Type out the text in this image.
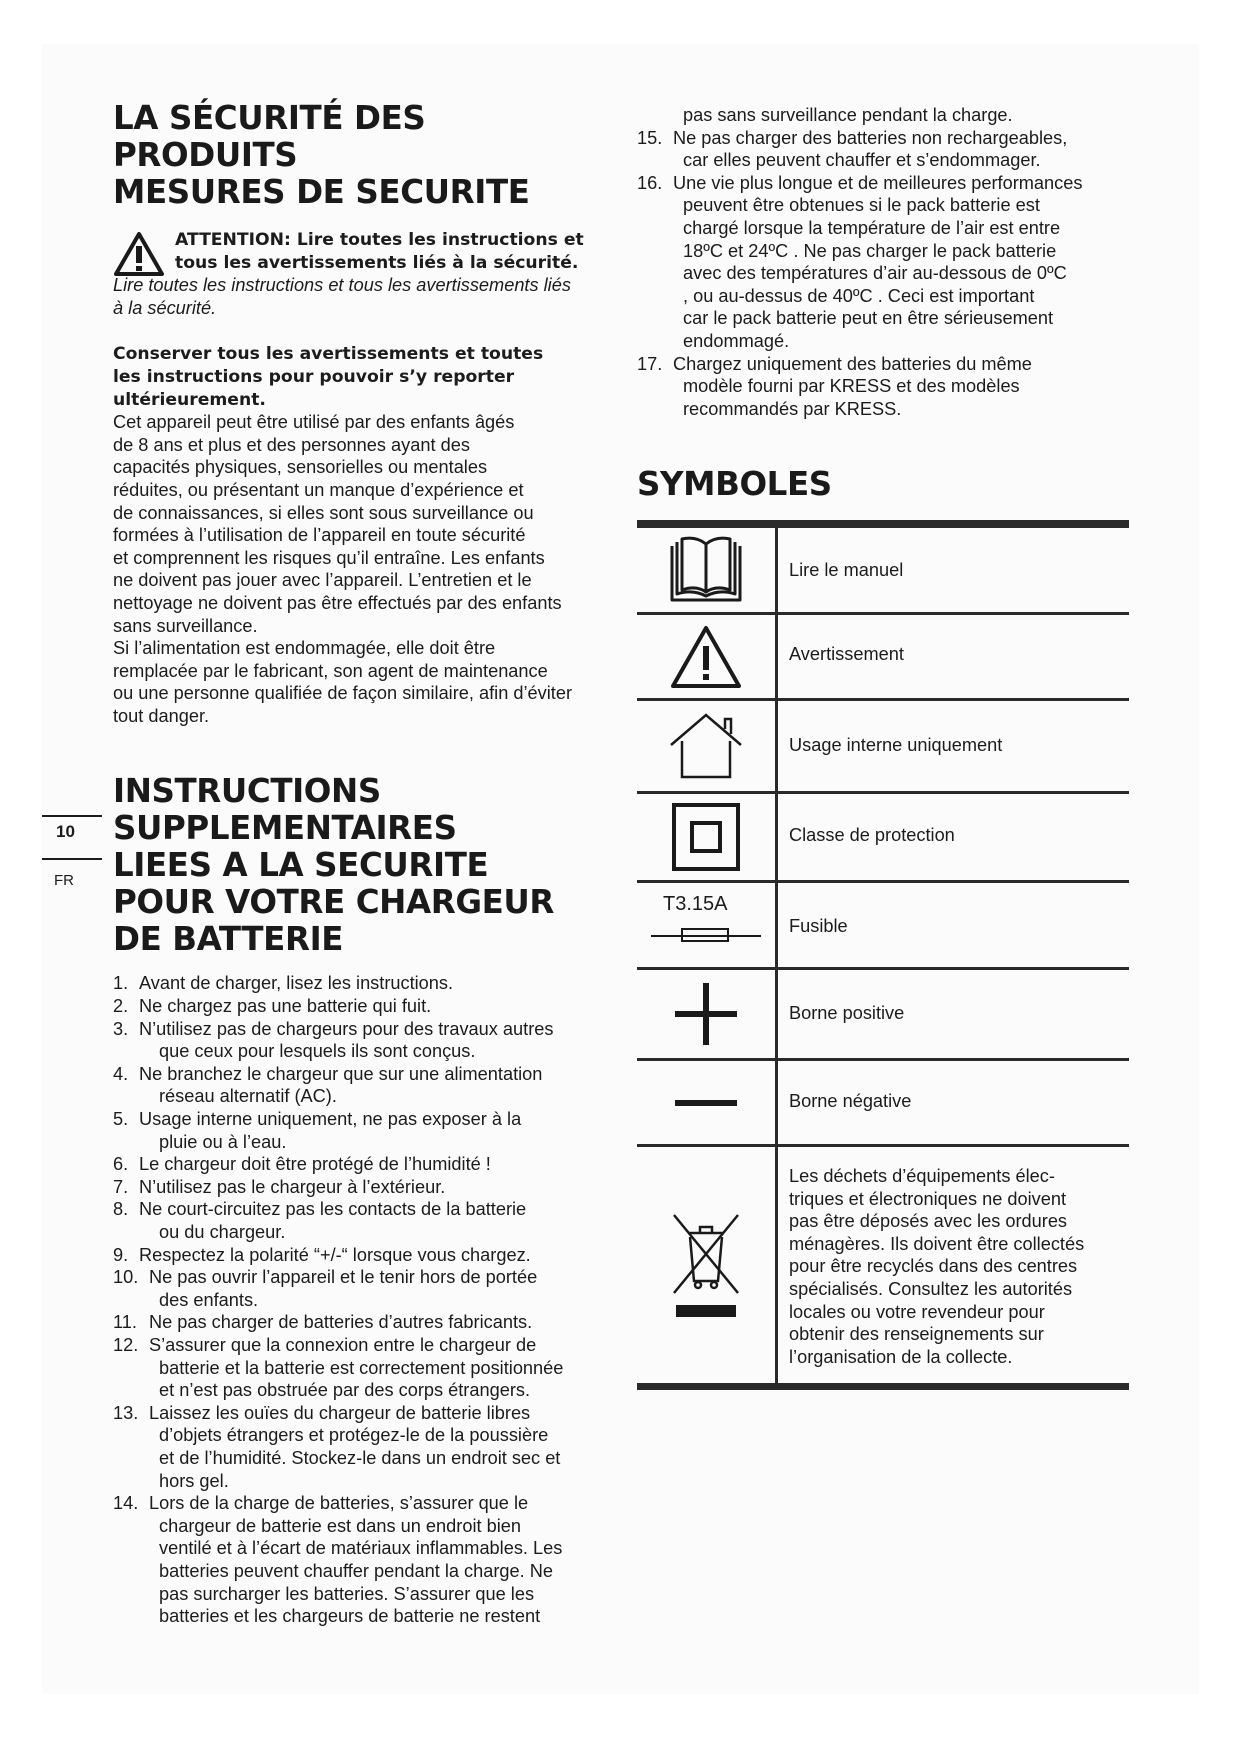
10
FR
LA SÉCURITÉ DES
PRODUITS
MESURES DE SECURITE
ATTENTION: Lire toutes les instructions et
tous les avertissements liés à la sécurité.
Lire toutes les instructions et tous les avertissements liés
à la sécurité.
Conserver tous les avertissements et toutes
les instructions pour pouvoir s’y reporter
ultérieurement.
Cet appareil peut être utilisé par des enfants âgés
de 8 ans et plus et des personnes ayant des
capacités physiques, sensorielles ou mentales
réduites, ou présentant un manque d’expérience et
de connaissances, si elles sont sous surveillance ou
formées à l’utilisation de l’appareil en toute sécurité
et comprennent les risques qu’il entraîne. Les enfants
ne doivent pas jouer avec l’appareil. L’entretien et le
nettoyage ne doivent pas être effectués par des enfants
sans surveillance.
Si l’alimentation est endommagée, elle doit être
remplacée par le fabricant, son agent de maintenance
ou une personne qualifiée de façon similaire, afin d’éviter
tout danger.
INSTRUCTIONS
SUPPLEMENTAIRES
LIEES A LA SECURITE
POUR VOTRE CHARGEUR
DE BATTERIE
1. Avant de charger, lisez les instructions.
2. Ne chargez pas une batterie qui fuit.
3. N’utilisez pas de chargeurs pour des travaux autres
que ceux pour lesquels ils sont conçus.
4. Ne branchez le chargeur que sur une alimentation
réseau alternatif (AC).
5. Usage interne uniquement, ne pas exposer à la
pluie ou à l’eau.
6. Le chargeur doit être protégé de l’humidité !
7. N’utilisez pas le chargeur à l’extérieur.
8. Ne court-circuitez pas les contacts de la batterie
ou du chargeur.
9. Respectez la polarité “+/-“ lorsque vous chargez.
10. Ne pas ouvrir l’appareil et le tenir hors de portée
des enfants.
11. Ne pas charger de batteries d’autres fabricants.
12. S’assurer que la connexion entre le chargeur de
batterie et la batterie est correctement positionnée
et n’est pas obstruée par des corps étrangers.
13. Laissez les ouïes du chargeur de batterie libres
d’objets étrangers et protégez-le de la poussière
et de l’humidité. Stockez-le dans un endroit sec et
hors gel.
14. Lors de la charge de batteries, s’assurer que le
chargeur de batterie est dans un endroit bien
ventilé et à l’écart de matériaux inflammables. Les
batteries peuvent chauffer pendant la charge. Ne
pas surcharger les batteries. S’assurer que les
batteries et les chargeurs de batterie ne restent
pas sans surveillance pendant la charge.
15. Ne pas charger des batteries non rechargeables,
car elles peuvent chauffer et s’endommager.
16. Une vie plus longue et de meilleures performances
peuvent être obtenues si le pack batterie est
chargé lorsque la température de l’air est entre
18ºC et 24ºC . Ne pas charger le pack batterie
avec des températures d’air au-dessous de 0ºC
, ou au-dessus de 40ºC . Ceci est important
car le pack batterie peut en être sérieusement
endommagé.
17. Chargez uniquement des batteries du même
modèle fourni par KRESS et des modèles
recommandés par KRESS.
SYMBOLES
Lire le manuel
Avertissement
Usage interne uniquement
Classe de protection
T3.15A
Fusible
Borne positive
Borne négative
Les déchets d’équipements élec-
triques et électroniques ne doivent
pas être déposés avec les ordures
ménagères. Ils doivent être collectés
pour être recyclés dans des centres
spécialisés. Consultez les autorités
locales ou votre revendeur pour
obtenir des renseignements sur
l’organisation de la collecte.
